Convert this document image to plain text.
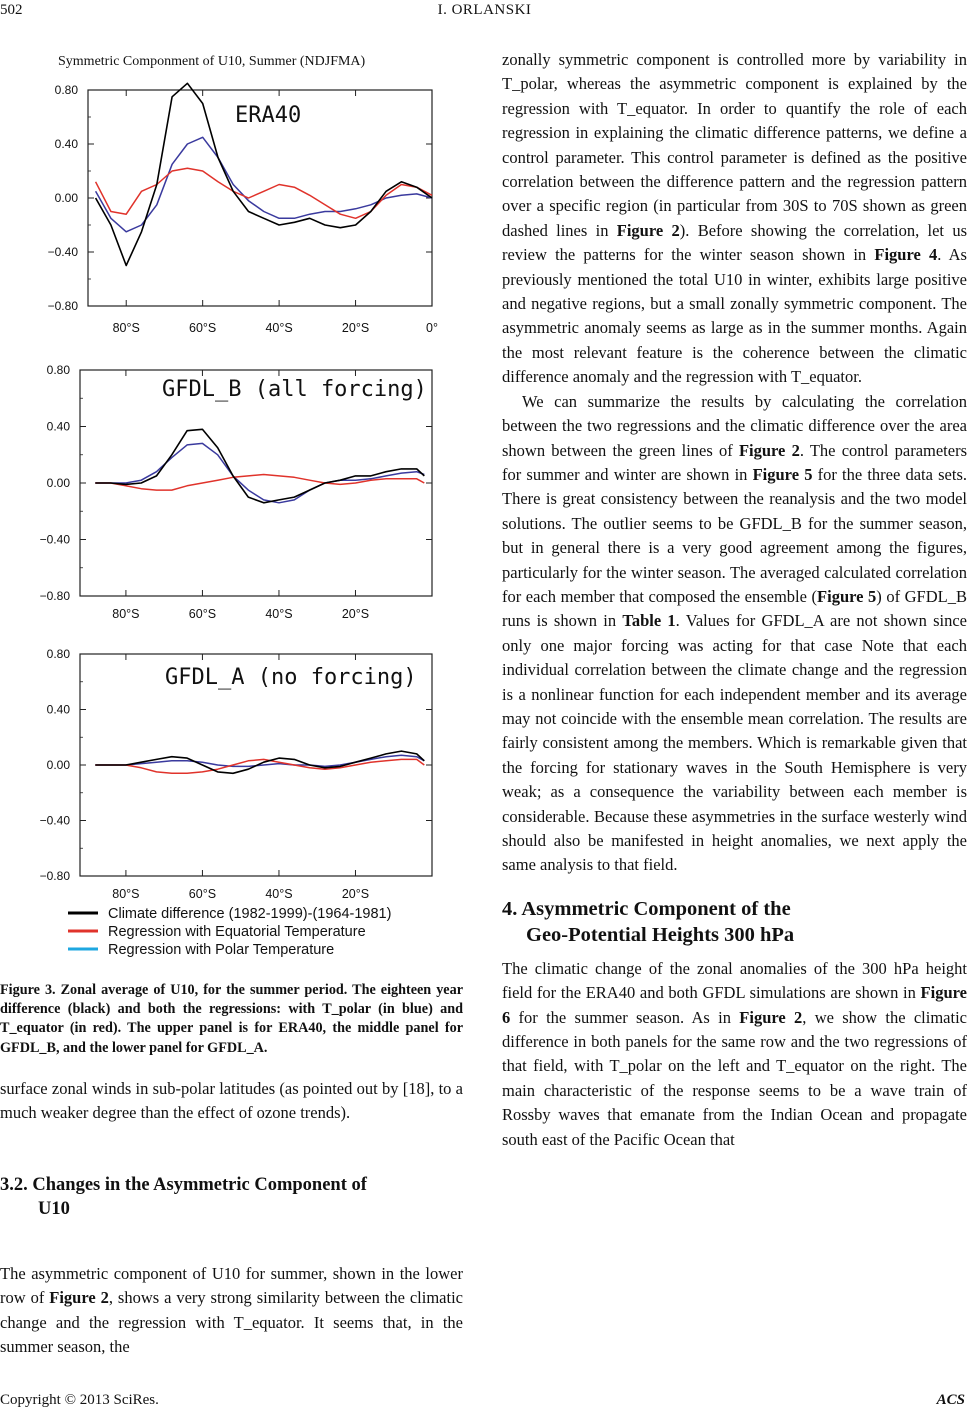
502	I. ORLANSKI
Symmetric Componment of U10, Summer (NDJFMA)
0.80
0.40
0.00
−0.40
−0.80
80°S	60°S	40°S	20°S	0°
ERA40
0.80
0.40
0.00
−0.40
−0.80
80°S	60°S	40°S	20°S
GFDL_B (all forcing)
0.80
0.40
0.00
−0.40
−0.80
80°S	60°S	40°S	20°S
GFDL_A (no forcing)
Climate difference (1982-1999)-(1964-1981)
Regression with Equatorial Temperature
Regression with Polar Temperature
Figure 3. Zonal average of U10, for the summer period. The eighteen year difference (black) and both the regressions: with T_polar (in blue) and T_equator (in red). The upper panel is for ERA40, the middle panel for GFDL_B, and the lower panel for GFDL_A.

surface zonal winds in sub-polar latitudes (as pointed out by [18], to a much weaker degree than the effect of ozone trends).

3.2. Changes in the Asymmetric Component of
U10

The asymmetric component of U10 for summer, shown in the lower row of Figure 2, shows a very strong similarity between the climatic change and the regression with T_equator. It seems that, in the summer season, the

zonally symmetric component is controlled more by variability in T_polar, whereas the asymmetric component is explained by the regression with T_equator. In order to quantify the role of each regression in explaining the climatic difference patterns, we define a control parameter. This control parameter is defined as the positive correlation between the difference pattern and the regression pattern over a specific region (in particular from 30S to 70S shown as green dashed lines in Figure 2). Before showing the correlation, let us review the patterns for the winter season shown in Figure 4. As previously mentioned the total U10 in winter, exhibits large positive and negative regions, but a small zonally symmetric component. The asymmetric anomaly seems as large as in the summer months. Again the most relevant feature is the coherence between the climatic difference anomaly and the regression with T_equator.

We can summarize the results by calculating the correlation between the two regressions and the climatic difference over the area shown between the green lines of Figure 2. The control parameters for summer and winter are shown in Figure 5 for the three data sets. There is great consistency between the reanalysis and the two model solutions. The outlier seems to be GFDL_B for the summer season, but in general there is a very good agreement among the figures, particularly for the winter season. The averaged calculated correlation for each member that composed the ensemble (Figure 5) of GFDL_B runs is shown in Table 1. Values for GFDL_A are not shown since only one major forcing was acting for that case Note that each individual correlation between the climate change and the regression is a nonlinear function for each independent member and its average may not coincide with the ensemble mean correlation. The results are fairly consistent among the members. Which is remarkable given that the forcing for stationary waves in the South Hemisphere is very weak; as a consequence the variability between each member is considerable. Because these asymmetries in the surface westerly wind should also be manifested in height anomalies, we next apply the same analysis to that field.

4. Asymmetric Component of the
Geo-Potential Heights 300 hPa

The climatic change of the zonal anomalies of the 300 hPa height field for the ERA40 and both GFDL simulations are shown in Figure 6 for the summer season. As in Figure 2, we show the climatic difference in both panels for the same row and the two regressions of that field, with T_polar on the left and T_equator on the right. The main characteristic of the response seems to be a wave train of Rossby waves that emanate from the Indian Ocean and propagate south east of the Pacific Ocean that

Copyright © 2013 SciRes.	ACS
